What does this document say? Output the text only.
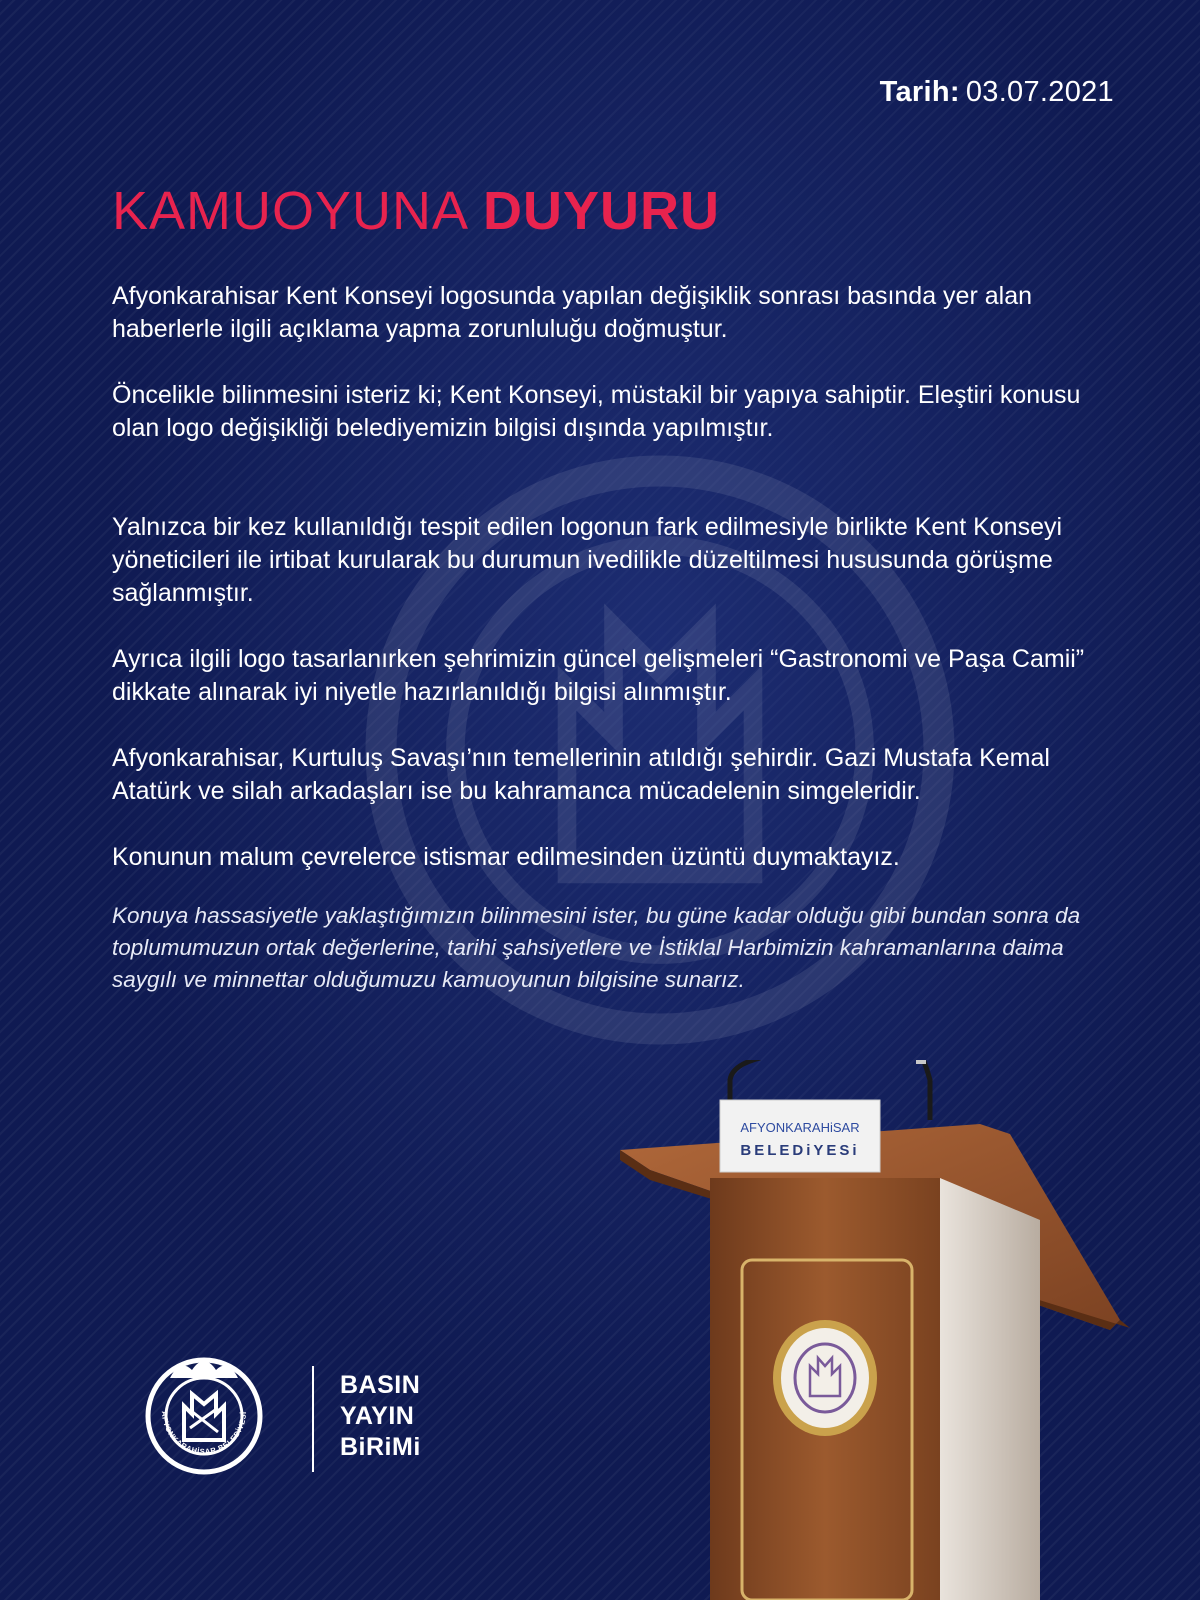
Tarih: 03.07.2021
KAMUOYUNA DUYURU

Afyonkarahisar Kent Konseyi logosunda yapılan değişiklik sonrası basında yer alan haberlerle ilgili açıklama yapma zorunluluğu doğmuştur.

Öncelikle bilinmesini isteriz ki; Kent Konseyi, müstakil bir yapıya sahiptir. Eleştiri konusu olan logo değişikliği belediyemizin bilgisi dışında yapılmıştır.

Yalnızca bir kez kullanıldığı tespit edilen logonun fark edilmesiyle birlikte Kent Konseyi yöneticileri ile irtibat kurularak bu durumun ivedilikle düzeltilmesi hususunda görüşme sağlanmıştır.

Ayrıca ilgili logo tasarlanırken şehrimizin güncel gelişmeleri “Gastronomi ve Paşa Camii” dikkate alınarak iyi niyetle hazırlanıldığı bilgisi alınmıştır.

Afyonkarahisar, Kurtuluş Savaşı’nın temellerinin atıldığı şehirdir. Gazi Mustafa Kemal Atatürk ve silah arkadaşları ise bu kahramanca mücadelenin simgeleridir.

Konunun malum çevrelerce istismar edilmesinden üzüntü duymaktayız.

Konuya hassasiyetle yaklaştığımızın bilinmesini ister, bu güne kadar olduğu gibi bundan sonra da toplumumuzun ortak değerlerine, tarihi şahsiyetlere ve İstiklal Harbimizin kahramanlarına daima saygılı ve minnettar olduğumuzu kamuoyunun bilgisine sunarız.

AFYONKARAHİSAR BELEDİYESİ
BASIN
YAYIN
BiRiMi
AFYONKARAHiSAR
BELEDiYESi
